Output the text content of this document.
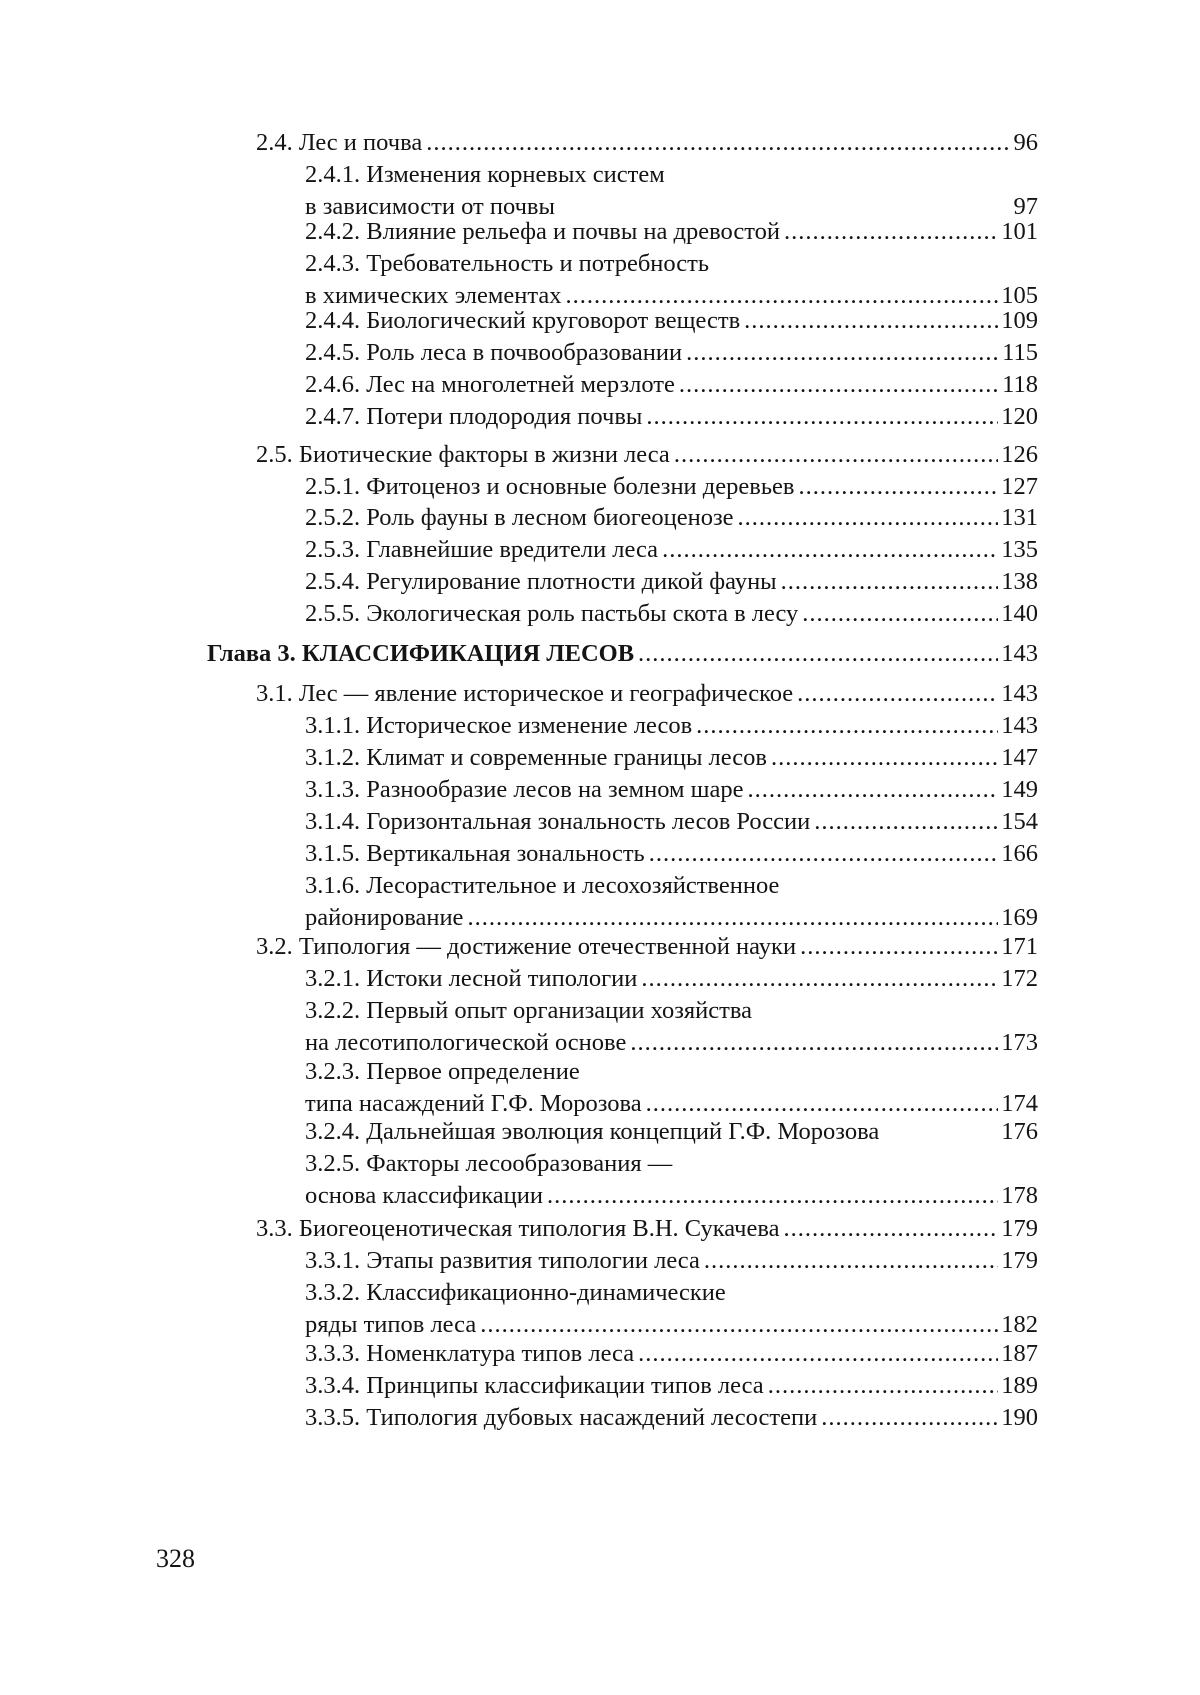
2.4. Лес и почва .....	96
2.4.1. Изменения корневых систем
в зависимости от почвы	97
2.4.2. Влияние рельефа и почвы на древостой .....	101
2.4.3. Требовательность и потребность
в химических элементах .....	105
2.4.4. Биологический круговорот веществ .....	109
2.4.5. Роль леса в почвообразовании .....	115
2.4.6. Лес на многолетней мерзлоте .....	118
2.4.7. Потери плодородия почвы .....	120
2.5. Биотические факторы в жизни леса .....	126
2.5.1. Фитоценоз и основные болезни деревьев .....	127
2.5.2. Роль фауны в лесном биогеоценозе .....	131
2.5.3. Главнейшие вредители леса .....	135
2.5.4. Регулирование плотности дикой фауны .....	138
2.5.5. Экологическая роль пастьбы скота в лесу .....	140
Глава 3. КЛАССИФИКАЦИЯ ЛЕСОВ .....	143
3.1. Лес — явление историческое и географическое .....	143
3.1.1. Историческое изменение лесов .....	143
3.1.2. Климат и современные границы лесов .....	147
3.1.3. Разнообразие лесов на земном шаре .....	149
3.1.4. Горизонтальная зональность лесов России .....	154
3.1.5. Вертикальная зональность .....	166
3.1.6. Лесорастительное и лесохозяйственное
районирование .....	169
3.2. Типология — достижение отечественной науки .....	171
3.2.1. Истоки лесной типологии .....	172
3.2.2. Первый опыт организации хозяйства
на лесотипологической основе .....	173
3.2.3. Первое определение
типа насаждений Г.Ф. Морозова .....	174
3.2.4. Дальнейшая эволюция концепций Г.Ф. Морозова	176
3.2.5. Факторы лесообразования —
основа классификации .....	178
3.3. Биогеоценотическая типология В.Н. Сукачева .....	179
3.3.1. Этапы развития типологии леса .....	179
3.3.2. Классификационно-динамические
ряды типов леса .....	182
3.3.3. Номенклатура типов леса .....	187
3.3.4. Принципы классификации типов леса .....	189
3.3.5. Типология дубовых насаждений лесостепи .....	190
328
